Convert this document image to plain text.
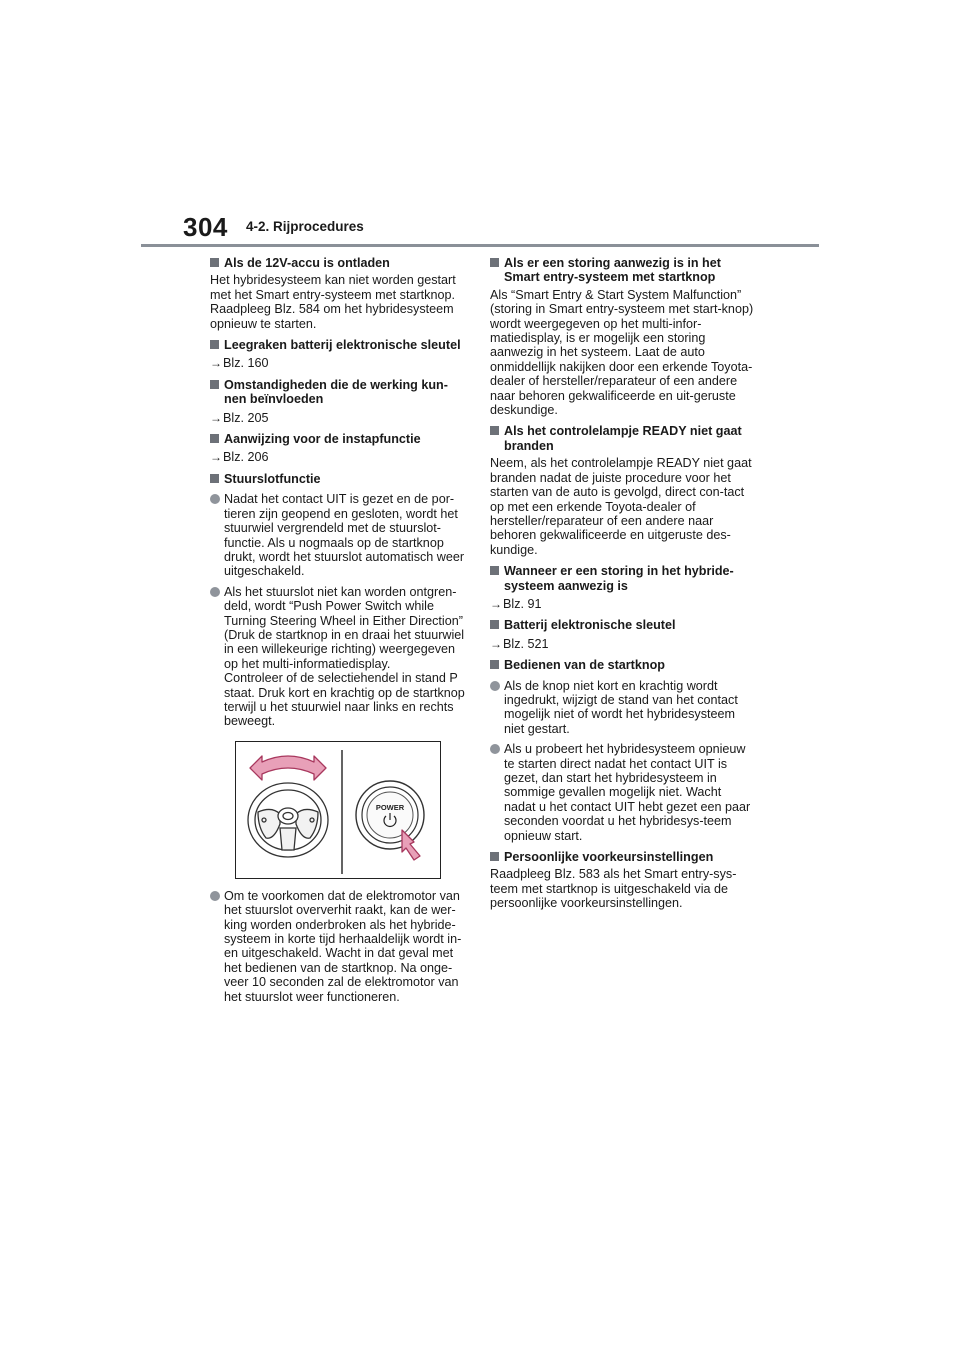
304 4-2. Rijprocedures
Als de 12V-accu is ontladen
Het hybridesysteem kan niet worden gestart met het Smart entry-systeem met startknop. Raadpleeg Blz. 584 om het hybridesysteem opnieuw te starten.
Leegraken batterij elektronische sleutel
→Blz. 160
Omstandigheden die de werking kun-nen beïnvloeden
→Blz. 205
Aanwijzing voor de instapfunctie
→Blz. 206
Stuurslotfunctie
Nadat het contact UIT is gezet en de por-tieren zijn geopend en gesloten, wordt het stuurwiel vergrendeld met de stuurslot-functie. Als u nogmaals op de startknop drukt, wordt het stuurslot automatisch weer uitgeschakeld.
Als het stuurslot niet kan worden ontgren-deld, wordt “Push Power Switch while Turning Steering Wheel in Either Direction” (Druk de startknop in en draai het stuurwiel in een willekeurige richting) weergegeven op het multi-informatiedisplay.
Controleer of de selectiehendel in stand P staat. Druk kort en krachtig op de startknop terwijl u het stuurwiel naar links en rechts beweegt.
POWER
Om te voorkomen dat de elektromotor van het stuurslot oververhit raakt, kan de wer-king worden onderbroken als het hybride-systeem in korte tijd herhaaldelijk wordt in- en uitgeschakeld. Wacht in dat geval met het bedienen van de startknop. Na onge-veer 10 seconden zal de elektromotor van het stuurslot weer functioneren.
Als er een storing aanwezig is in het Smart entry-systeem met startknop
Als “Smart Entry & Start System Malfunction” (storing in Smart entry-systeem met start-knop) wordt weergegeven op het multi-infor-matiedisplay, is er mogelijk een storing aanwezig in het systeem. Laat de auto onmiddellijk nakijken door een erkende Toyota-dealer of hersteller/reparateur of een andere naar behoren gekwalificeerde en uit-geruste deskundige.
Als het controlelampje READY niet gaat branden
Neem, als het controlelampje READY niet gaat branden nadat de juiste procedure voor het starten van de auto is gevolgd, direct con-tact op met een erkende Toyota-dealer of hersteller/reparateur of een andere naar behoren gekwalificeerde en uitgeruste des-kundige.
Wanneer er een storing in het hybride-systeem aanwezig is
→Blz. 91
Batterij elektronische sleutel
→Blz. 521
Bedienen van de startknop
Als de knop niet kort en krachtig wordt ingedrukt, wijzigt de stand van het contact mogelijk niet of wordt het hybridesysteem niet gestart.
Als u probeert het hybridesysteem opnieuw te starten direct nadat het contact UIT is gezet, dan start het hybridesysteem in sommige gevallen mogelijk niet. Wacht nadat u het contact UIT hebt gezet een paar seconden voordat u het hybridesys-teem opnieuw start.
Persoonlijke voorkeursinstellingen
Raadpleeg Blz. 583 als het Smart entry-sys-teem met startknop is uitgeschakeld via de persoonlijke voorkeursinstellingen.
